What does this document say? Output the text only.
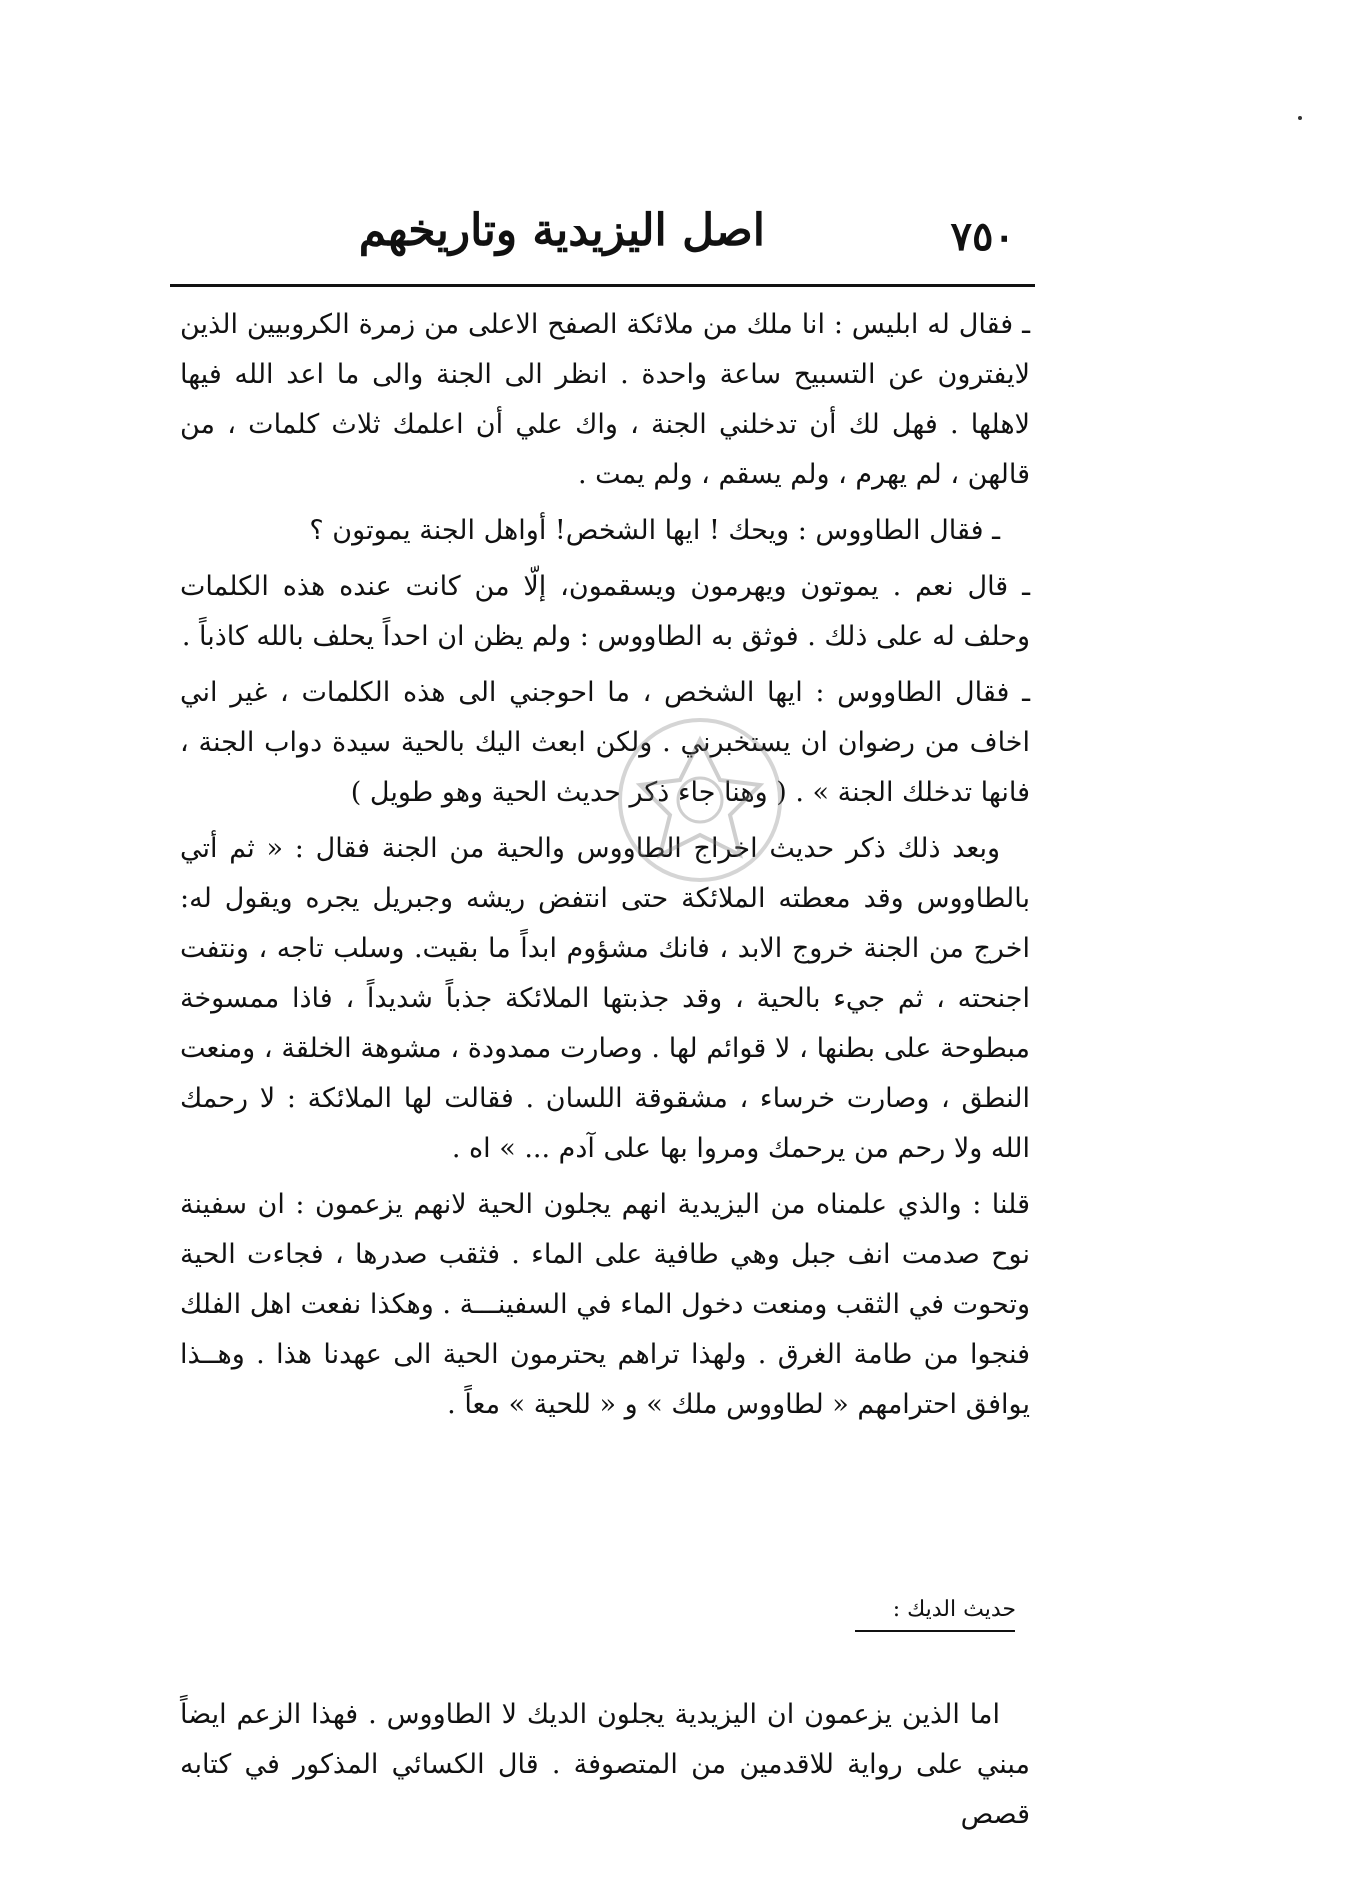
٧٥٠
اصل اليزيدية وتاريخهم

ـ فقال له ابليس : انا ملك من ملائكة الصفح الاعلى من زمرة الكروبيين الذين لايفترون عن التسبيح ساعة واحدة . انظر الى الجنة والى ما اعد الله فيها لاهلها . فهل لك أن تدخلني الجنة ، واك علي أن اعلمك ثلاث كلمات ، من قالهن ، لم يهرم ، ولم يسقم ، ولم يمت .

ـ فقال الطاووس : ويحك ! ايها الشخص! أواهل الجنة يموتون ؟

ـ قال نعم . يموتون ويهرمون ويسقمون، إلّا من كانت عنده هذه الكلمات وحلف له على ذلك . فوثق به الطاووس : ولم يظن ان احداً يحلف بالله كاذباً .

ـ فقال الطاووس : ايها الشخص ، ما احوجني الى هذه الكلمات ، غير اني اخاف من رضوان ان يستخبرني . ولكن ابعث اليك بالحية سيدة دواب الجنة ، فانها تدخلك الجنة » . ( وهنا جاء ذكر حديث الحية وهو طويل )

وبعد ذلك ذكر حديث اخراج الطاووس والحية من الجنة فقال : « ثم أتي بالطاووس وقد معطته الملائكة حتى انتفض ريشه وجبريل يجره ويقول له: اخرج من الجنة خروج الابد ، فانك مشؤوم ابداً ما بقيت. وسلب تاجه ، ونتفت اجنحته ، ثم جيء بالحية ، وقد جذبتها الملائكة جذباً شديداً ، فاذا ممسوخة مبطوحة على بطنها ، لا قوائم لها . وصارت ممدودة ، مشوهة الخلقة ، ومنعت النطق ، وصارت خرساء ، مشقوقة اللسان . فقالت لها الملائكة : لا رحمك الله ولا رحم من يرحمك ومروا بها على آدم ... » اه .

قلنا : والذي علمناه من اليزيدية انهم يجلون الحية لانهم يزعمون : ان سفينة نوح صدمت انف جبل وهي طافية على الماء . فثقب صدرها ، فجاءت الحية وتحوت في الثقب ومنعت دخول الماء في السفينـــة . وهكذا نفعت اهل الفلك فنجوا من طامة الغرق . ولهذا تراهم يحترمون الحية الى عهدنا هذا . وهــذا يوافق احترامهم « لطاووس ملك » و « للحية » معاً .

حديث الديك :

اما الذين يزعمون ان اليزيدية يجلون الديك لا الطاووس . فهذا الزعم ايضاً مبني على رواية للاقدمين من المتصوفة . قال الكسائي المذكور في كتابه قصص
